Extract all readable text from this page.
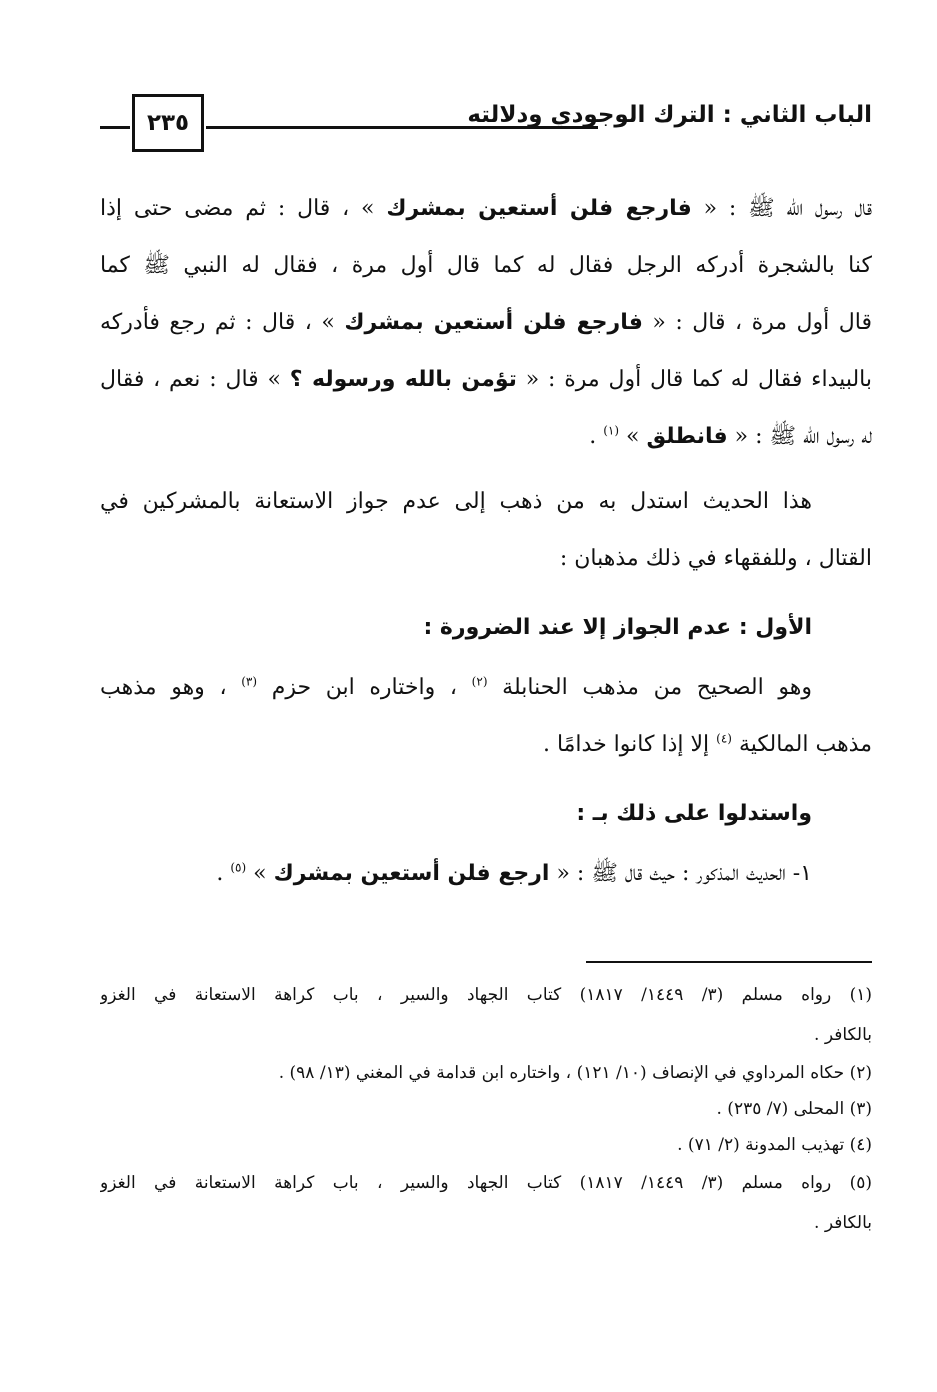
الباب الثاني : الترك الوجودي ودلالته
٢٣٥
قال رسول الله ﷺ : « فارجع فلن أستعين بمشرك » ، قال : ثم مضى حتى إذا
كنا بالشجرة أدركه الرجل فقال له كما قال أول مرة ، فقال له النبي ﷺ كما
قال أول مرة ، قال : « فارجع فلن أستعين بمشرك » ، قال : ثم رجع فأدركه
بالبيداء فقال له كما قال أول مرة : « تؤمن بالله ورسوله ؟ » قال : نعم ، فقال
له رسول الله ﷺ : « فانطلق » $^{(١)}$ .
هذا الحديث استدل به من ذهب إلى عدم جواز الاستعانة بالمشركين في
القتال ، وللفقهاء في ذلك مذهبان :
الأول : عدم الجواز إلا عند الضرورة :
وهو الصحيح من مذهب الحنابلة $^{(٢)}$ ، واختاره ابن حزم $^{(٣)}$ ، وهو مذهب
مذهب المالكية $^{(٤)}$ إلا إذا كانوا خدامًا .
واستدلوا على ذلك بـ :
١- الحديث المذكور : حيث قال ﷺ : « ارجع فلن أستعين بمشرك » $^{(٥)}$ .
(١) رواه مسلم (٣/ ١٤٤٩/ ١٨١٧) كتاب الجهاد والسير ، باب كراهة الاستعانة في الغزو
بالكافر .
(٢) حكاه المرداوي في الإنصاف (١٠/ ١٢١) ، واختاره ابن قدامة في المغني (١٣/ ٩٨) .
(٣) المحلى (٧/ ٢٣٥) .
(٤) تهذيب المدونة (٢/ ٧١) .
(٥) رواه مسلم (٣/ ١٤٤٩/ ١٨١٧) كتاب الجهاد والسير ، باب كراهة الاستعانة في الغزو
بالكافر .
